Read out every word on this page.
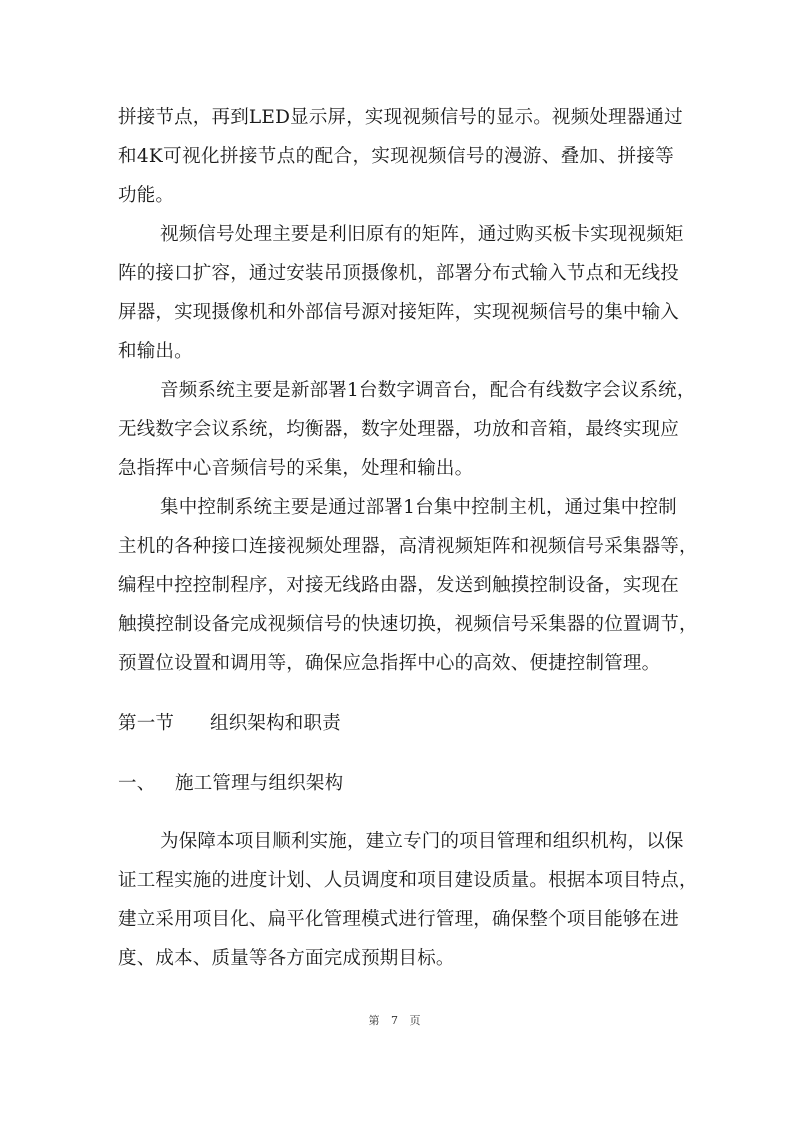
拼接节点，再到LED显示屏，实现视频信号的显示。视频处理器通过
和4K可视化拼接节点的配合，实现视频信号的漫游、叠加、拼接等
功能。
视频信号处理主要是利旧原有的矩阵，通过购买板卡实现视频矩
阵的接口扩容，通过安装吊顶摄像机，部署分布式输入节点和无线投
屏器，实现摄像机和外部信号源对接矩阵，实现视频信号的集中输入
和输出。
音频系统主要是新部署1台数字调音台，配合有线数字会议系统，
无线数字会议系统，均衡器，数字处理器，功放和音箱，最终实现应
急指挥中心音频信号的采集，处理和输出。
集中控制系统主要是通过部署1台集中控制主机，通过集中控制
主机的各种接口连接视频处理器，高清视频矩阵和视频信号采集器等，
编程中控控制程序，对接无线路由器，发送到触摸控制设备，实现在
触摸控制设备完成视频信号的快速切换，视频信号采集器的位置调节，
预置位设置和调用等，确保应急指挥中心的高效、便捷控制管理。
第一节 组织架构和职责
一、 施工管理与组织架构
为保障本项目顺利实施，建立专门的项目管理和组织机构，以保
证工程实施的进度计划、人员调度和项目建设质量。根据本项目特点，
建立采用项目化、扁平化管理模式进行管理，确保整个项目能够在进
度、成本、质量等各方面完成预期目标。
第 7 页
